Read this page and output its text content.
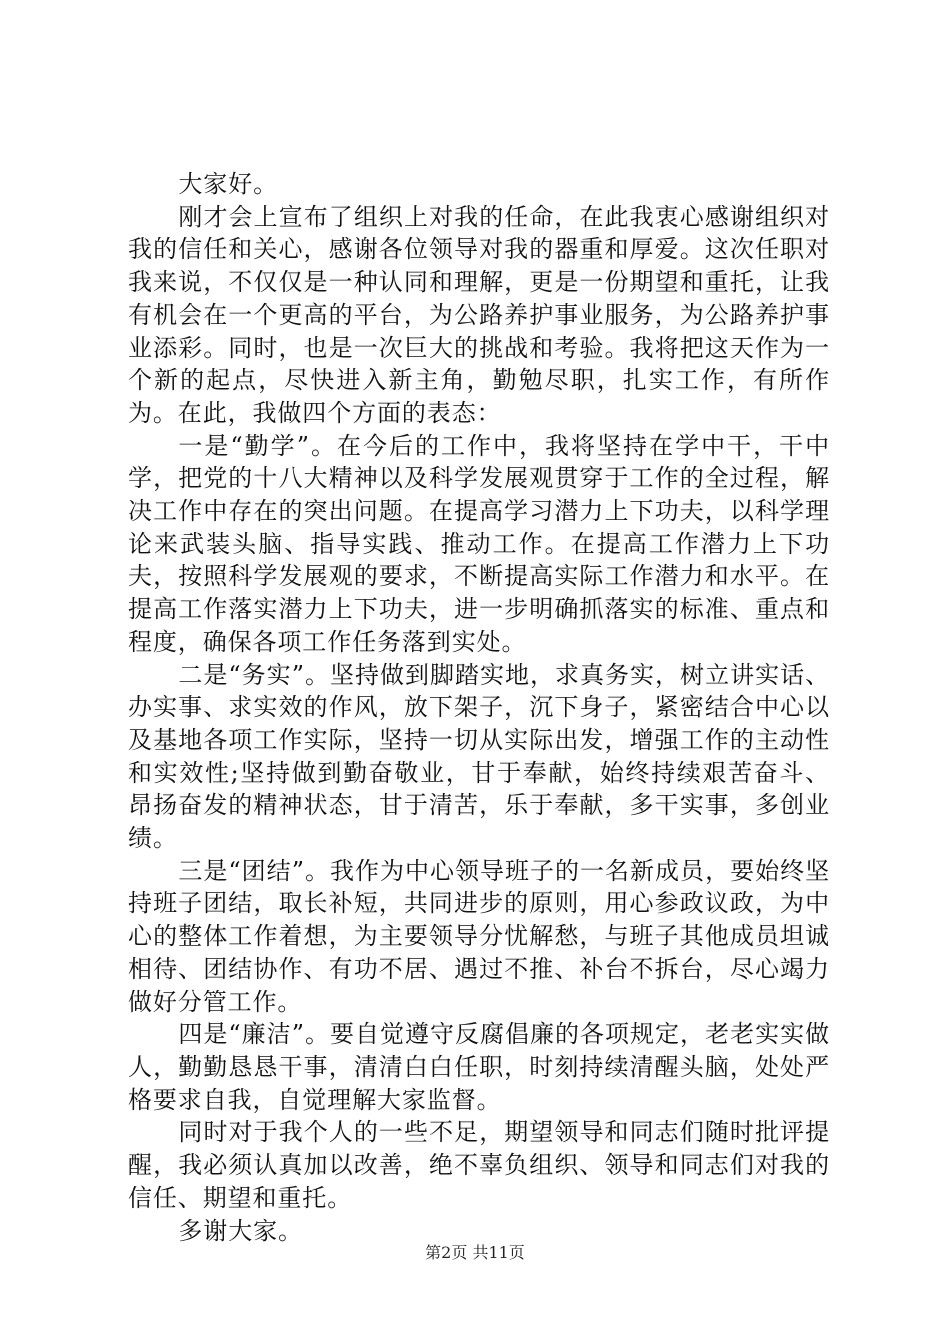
大家好。

刚才会上宣布了组织上对我的任命，在此我衷心感谢组织对我的信任和关心，感谢各位领导对我的器重和厚爱。这次任职对我来说，不仅仅是一种认同和理解，更是一份期望和重托，让我有机会在一个更高的平台，为公路养护事业服务，为公路养护事业添彩。同时，也是一次巨大的挑战和考验。我将把这天作为一个新的起点，尽快进入新主角，勤勉尽职，扎实工作，有所作为。在此，我做四个方面的表态：

一是“勤学”。在今后的工作中，我将坚持在学中干，干中学，把党的十八大精神以及科学发展观贯穿于工作的全过程，解决工作中存在的突出问题。在提高学习潜力上下功夫，以科学理论来武装头脑、指导实践、推动工作。在提高工作潜力上下功夫，按照科学发展观的要求，不断提高实际工作潜力和水平。在提高工作落实潜力上下功夫，进一步明确抓落实的标准、重点和程度，确保各项工作任务落到实处。

二是“务实”。坚持做到脚踏实地，求真务实，树立讲实话、办实事、求实效的作风，放下架子，沉下身子，紧密结合中心以及基地各项工作实际，坚持一切从实际出发，增强工作的主动性和实效性;坚持做到勤奋敬业，甘于奉献，始终持续艰苦奋斗、昂扬奋发的精神状态，甘于清苦，乐于奉献，多干实事，多创业绩。

三是“团结”。我作为中心领导班子的一名新成员，要始终坚持班子团结，取长补短，共同进步的原则，用心参政议政，为中心的整体工作着想，为主要领导分忧解愁，与班子其他成员坦诚相待、团结协作、有功不居、遇过不推、补台不拆台，尽心竭力做好分管工作。

四是“廉洁”。要自觉遵守反腐倡廉的各项规定，老老实实做人，勤勤恳恳干事，清清白白任职，时刻持续清醒头脑，处处严格要求自我，自觉理解大家监督。

同时对于我个人的一些不足，期望领导和同志们随时批评提醒，我必须认真加以改善，绝不辜负组织、领导和同志们对我的信任、期望和重托。

多谢大家。

第2页 共11页
